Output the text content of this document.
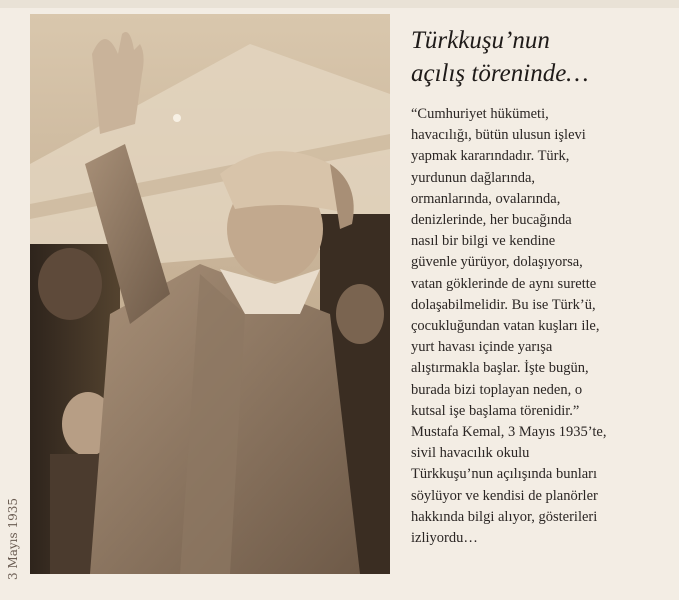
3 Mayıs 1935
Türkkuşu’nun
açılış töreninde…
“Cumhuriyet hükümeti,
havacılığı, bütün ulusun işlevi
yapmak kararındadır. Türk,
yurdunun dağlarında,
ormanlarında, ovalarında,
denizlerinde, her bucağında
nasıl bir bilgi ve kendine
güvenle yürüyor, dolaşıyorsa,
vatan göklerinde de aynı surette
dolaşabilmelidir. Bu ise Türk’ü,
çocukluğundan vatan kuşları ile,
yurt havası içinde yarışa
alıştırmakla başlar. İşte bugün,
burada bizi toplayan neden, o
kutsal işe başlama törenidir.”
Mustafa Kemal, 3 Mayıs 1935’te,
sivil havacılık okulu
Türkkuşu’nun açılışında bunları
söylüyor ve kendisi de planörler
hakkında bilgi alıyor, gösterileri
izliyordu…
